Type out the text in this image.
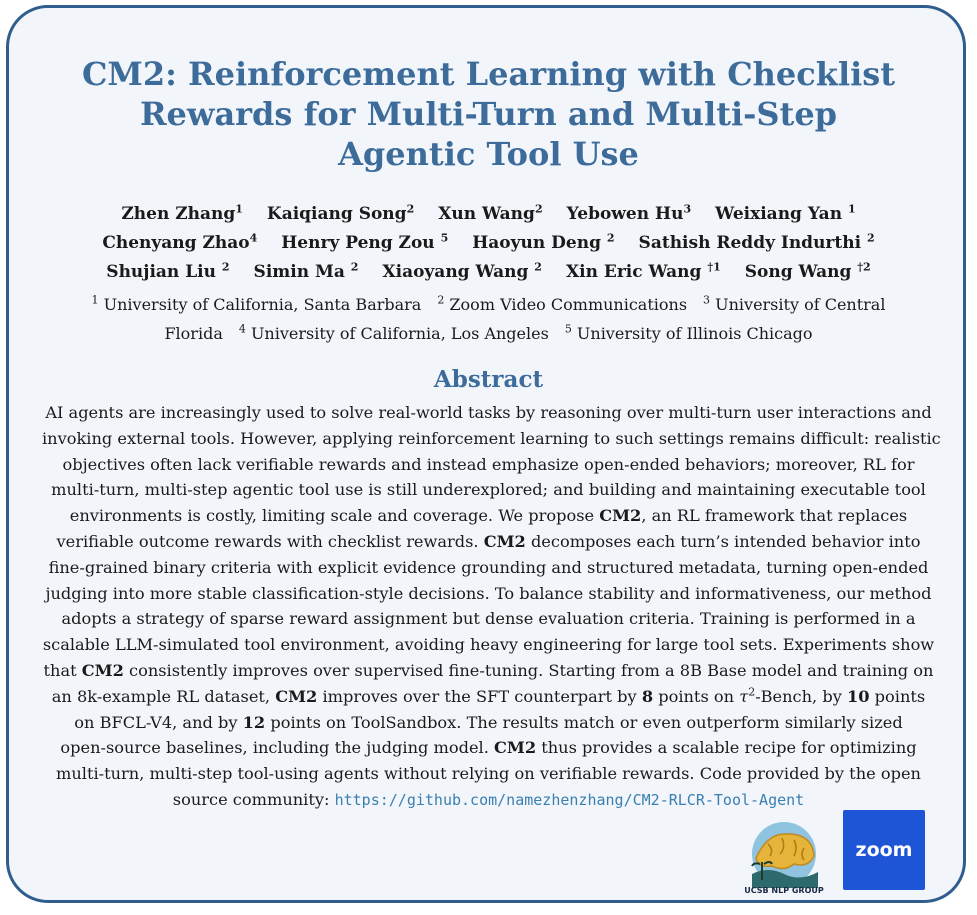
CM2: Reinforcement Learning with Checklist
Rewards for Multi-Turn and Multi-Step
Agentic Tool Use
Zhen Zhang$^1$ Kaiqiang Song$^2$ Xun Wang$^2$ Yebowen Hu$^3$ Weixiang Yan $^1$
Chenyang Zhao$^4$ Henry Peng Zou $^5$ Haoyun Deng $^2$ Sathish Reddy Indurthi $^2$
Shujian Liu $^2$ Simin Ma $^2$ Xiaoyang Wang $^2$ Xin Eric Wang $^{\dagger 1}$ Song Wang $^{\dagger 2}$
$^1$ University of California, Santa Barbara $^2$ Zoom Video Communications $^3$ University of Central
Florida $^4$ University of California, Los Angeles $^5$ University of Illinois Chicago
Abstract
AI agents are increasingly used to solve real-world tasks by reasoning over multi-turn user interactions and
invoking external tools. However, applying reinforcement learning to such settings remains difficult: realistic
objectives often lack verifiable rewards and instead emphasize open-ended behaviors; moreover, RL for
multi-turn, multi-step agentic tool use is still underexplored; and building and maintaining executable tool
environments is costly, limiting scale and coverage. We propose CM2, an RL framework that replaces
verifiable outcome rewards with checklist rewards. CM2 decomposes each turn’s intended behavior into
fine-grained binary criteria with explicit evidence grounding and structured metadata, turning open-ended
judging into more stable classification-style decisions. To balance stability and informativeness, our method
adopts a strategy of sparse reward assignment but dense evaluation criteria. Training is performed in a
scalable LLM-simulated tool environment, avoiding heavy engineering for large tool sets. Experiments show
that CM2 consistently improves over supervised fine-tuning. Starting from a 8B Base model and training on
an 8k-example RL dataset, CM2 improves over the SFT counterpart by 8 points on $\tau^2$-Bench, by 10 points
on BFCL-V4, and by 12 points on ToolSandbox. The results match or even outperform similarly sized
open-source baselines, including the judging model. CM2 thus provides a scalable recipe for optimizing
multi-turn, multi-step tool-using agents without relying on verifiable rewards. Code provided by the open
source community: https://github.com/namezhenzhang/CM2-RLCR-Tool-Agent
UCSB NLP GROUP
zoom
